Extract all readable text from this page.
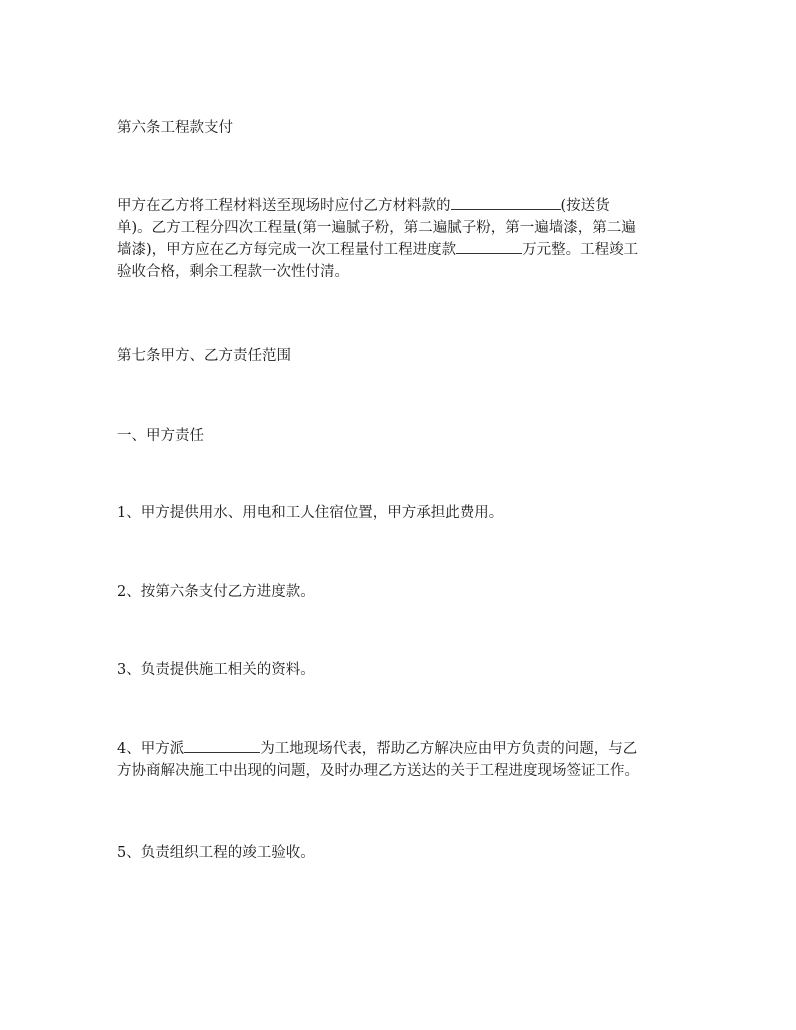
第六条工程款支付
甲方在乙方将工程材料送至现场时应付乙方材料款的	(按送货
单)。乙方工程分四次工程量(第一遍腻子粉，第二遍腻子粉，第一遍墙漆，第二遍
墙漆)，甲方应在乙方每完成一次工程量付工程进度款	万元整。工程竣工
验收合格，剩余工程款一次性付清。
第七条甲方、乙方责任范围
一、甲方责任
1、甲方提供用水、用电和工人住宿位置，甲方承担此费用。
2、按第六条支付乙方进度款。
3、负责提供施工相关的资料。
4、甲方派	为工地现场代表，帮助乙方解决应由甲方负责的问题，与乙
方协商解决施工中出现的问题，及时办理乙方送达的关于工程进度现场签证工作。
5、负责组织工程的竣工验收。
